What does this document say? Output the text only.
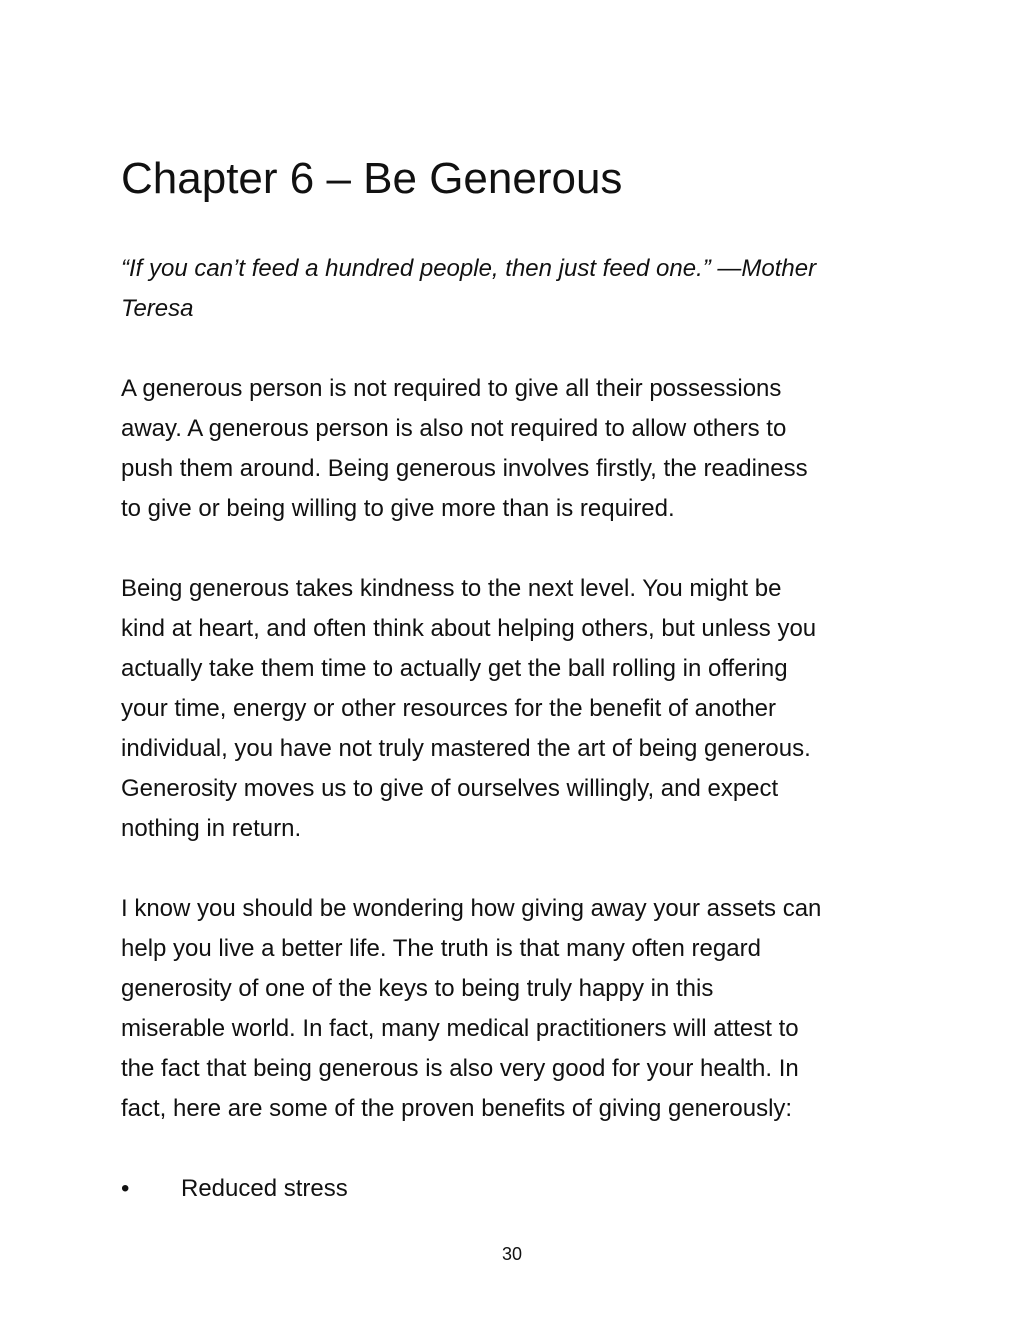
Chapter 6 – Be Generous

“If you can’t feed a hundred people, then just feed one.” —Mother
Teresa

A generous person is not required to give all their possessions
away. A generous person is also not required to allow others to
push them around. Being generous involves firstly, the readiness
to give or being willing to give more than is required.

Being generous takes kindness to the next level. You might be
kind at heart, and often think about helping others, but unless you
actually take them time to actually get the ball rolling in offering
your time, energy or other resources for the benefit of another
individual, you have not truly mastered the art of being generous.
Generosity moves us to give of ourselves willingly, and expect
nothing in return.

I know you should be wondering how giving away your assets can
help you live a better life. The truth is that many often regard
generosity of one of the keys to being truly happy in this
miserable world. In fact, many medical practitioners will attest to
the fact that being generous is also very good for your health. In
fact, here are some of the proven benefits of giving generously:

• Reduced stress
30
